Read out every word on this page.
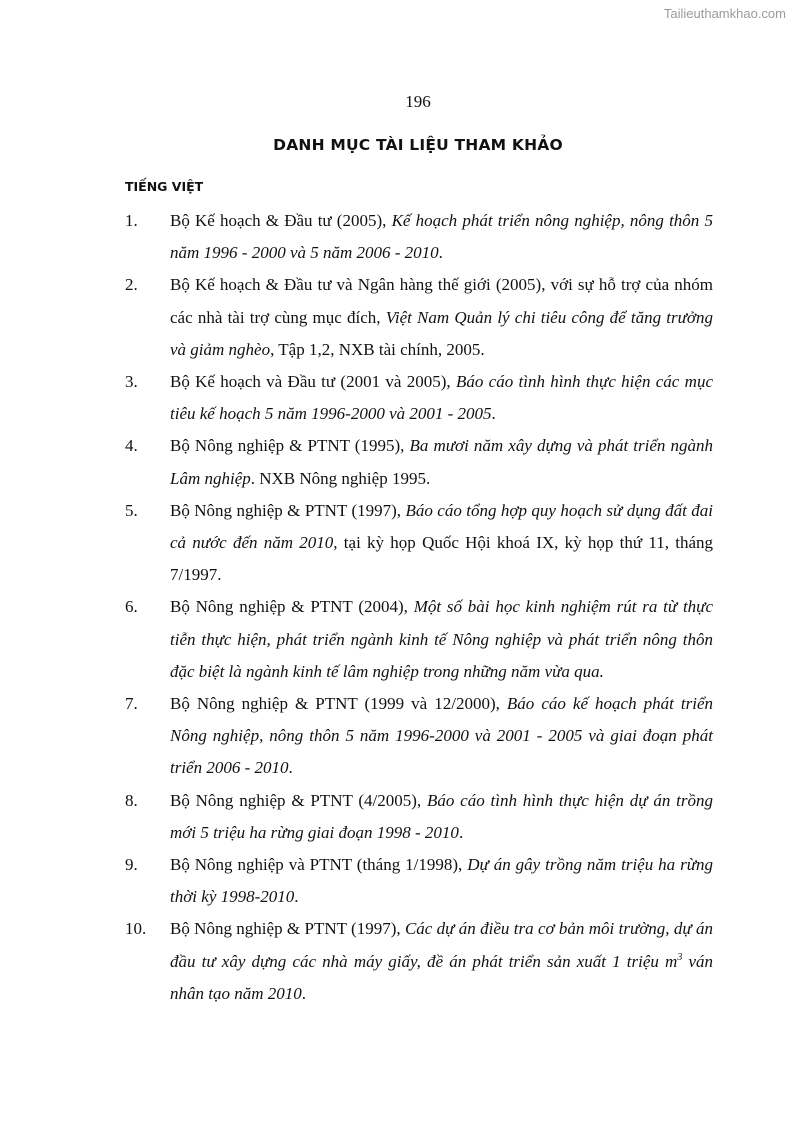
Tailieuthamkhao.com
196
DANH MỤC TÀI LIỆU THAM KHẢO
TIẾNG VIỆT
1. Bộ Kế hoạch & Đầu tư (2005), Kế hoạch phát triển nông nghiệp, nông thôn 5 năm 1996 - 2000 và 5 năm 2006 - 2010.
2. Bộ Kế hoạch & Đầu tư và Ngân hàng thế giới (2005), với sự hỗ trợ của nhóm các nhà tài trợ cùng mục đích, Việt Nam Quản lý chi tiêu công để tăng trưởng và giảm nghèo, Tập 1,2, NXB tài chính, 2005.
3. Bộ Kế hoạch và Đầu tư (2001 và 2005), Báo cáo tình hình thực hiện các mục tiêu kế hoạch 5 năm 1996-2000 và 2001 - 2005.
4. Bộ Nông nghiệp & PTNT (1995), Ba mươi năm xây dựng và phát triển ngành Lâm nghiệp. NXB Nông nghiệp 1995.
5. Bộ Nông nghiệp & PTNT (1997), Báo cáo tổng hợp quy hoạch sử dụng đất đai cả nước đến năm 2010, tại kỳ họp Quốc Hội khoá IX, kỳ họp thứ 11, tháng 7/1997.
6. Bộ Nông nghiệp & PTNT (2004), Một số bài học kinh nghiệm rút ra từ thực tiễn thực hiện, phát triển ngành kinh tế Nông nghiệp và phát triển nông thôn đặc biệt là ngành kinh tế lâm nghiệp trong những năm vừa qua.
7. Bộ Nông nghiệp & PTNT (1999 và 12/2000), Báo cáo kế hoạch phát triển Nông nghiệp, nông thôn 5 năm 1996-2000 và 2001 - 2005 và giai đoạn phát triển 2006 - 2010.
8. Bộ Nông nghiệp & PTNT (4/2005), Báo cáo tình hình thực hiện dự án trồng mới 5 triệu ha rừng giai đoạn 1998 - 2010.
9. Bộ Nông nghiệp và PTNT (tháng 1/1998), Dự án gây trồng năm triệu ha rừng thời kỳ 1998-2010.
10. Bộ Nông nghiệp & PTNT (1997), Các dự án điều tra cơ bản môi trường, dự án đầu tư xây dựng các nhà máy giấy, đề án phát triển sản xuất 1 triệu $m^3$ ván nhân tạo năm 2010.
